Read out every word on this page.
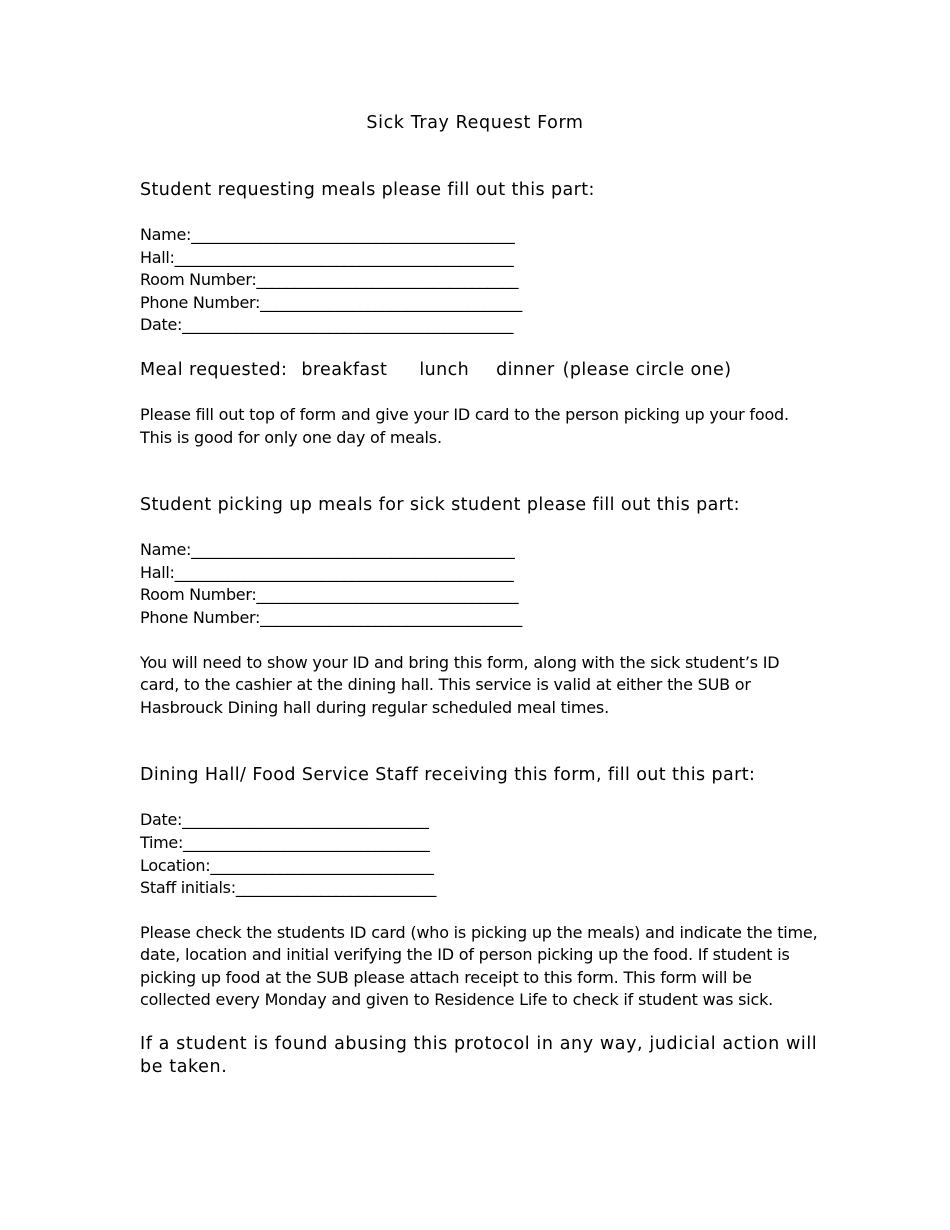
Sick Tray Request Form

Student requesting meals please fill out this part:

Name:__________________________________________
Hall:____________________________________________
Room Number:__________________________________
Phone Number:__________________________________
Date:___________________________________________

Meal requested: breakfast lunch dinner (please circle one)

Please fill out top of form and give your ID card to the person picking up your food. This is good for only one day of meals.

Student picking up meals for sick student please fill out this part:

Name:__________________________________________
Hall:____________________________________________
Room Number:__________________________________
Phone Number:__________________________________

You will need to show your ID and bring this form, along with the sick student’s ID card, to the cashier at the dining hall. This service is valid at either the SUB or Hasbrouck Dining hall during regular scheduled meal times.

Dining Hall/ Food Service Staff receiving this form, fill out this part:

Date:________________________________
Time:________________________________
Location:_____________________________
Staff initials:__________________________

Please check the students ID card (who is picking up the meals) and indicate the time, date, location and initial verifying the ID of person picking up the food. If student is picking up food at the SUB please attach receipt to this form. This form will be collected every Monday and given to Residence Life to check if student was sick.

If a student is found abusing this protocol in any way, judicial action will be taken.
